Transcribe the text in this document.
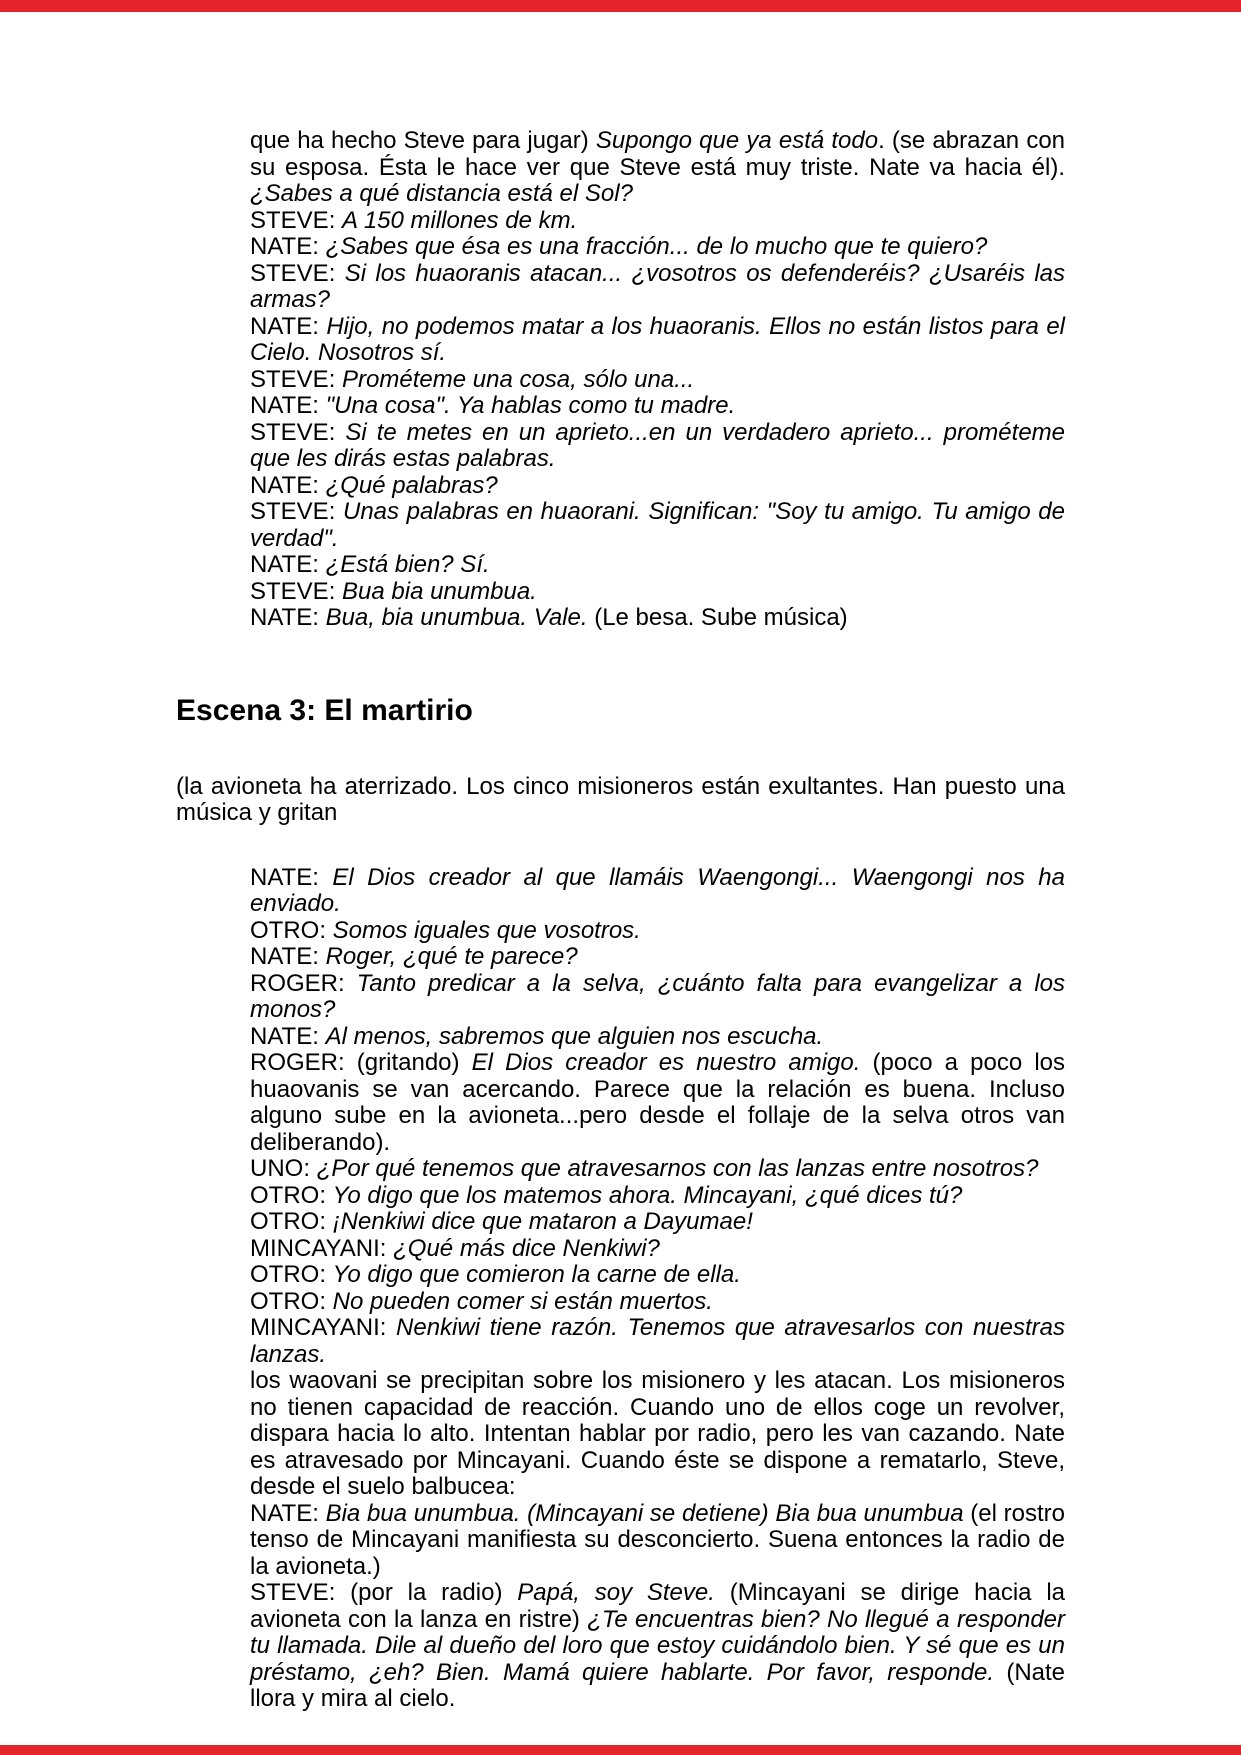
que ha hecho Steve para jugar) Supongo que ya está todo. (se abrazan con su esposa. Ésta le hace ver que Steve está muy triste. Nate va hacia él). ¿Sabes a qué distancia está el Sol?

STEVE: A 150 millones de km.

NATE: ¿Sabes que ésa es una fracción... de lo mucho que te quiero?

STEVE: Si los huaoranis atacan... ¿vosotros os defenderéis? ¿Usaréis las armas?

NATE: Hijo, no podemos matar a los huaoranis. Ellos no están listos para el Cielo. Nosotros sí.

STEVE: Prométeme una cosa, sólo una...

NATE: "Una cosa". Ya hablas como tu madre.

STEVE: Si te metes en un aprieto...en un verdadero aprieto... prométeme que les dirás estas palabras.

NATE: ¿Qué palabras?

STEVE: Unas palabras en huaorani. Significan: "Soy tu amigo. Tu amigo de verdad".

NATE: ¿Está bien? Sí.

STEVE: Bua bia unumbua.

NATE: Bua, bia unumbua. Vale. (Le besa. Sube música)

Escena 3: El martirio

(la avioneta ha aterrizado. Los cinco misioneros están exultantes. Han puesto una música y gritan

NATE: El Dios creador al que llamáis Waengongi... Waengongi nos ha enviado.

OTRO: Somos iguales que vosotros.

NATE: Roger, ¿qué te parece?

ROGER: Tanto predicar a la selva, ¿cuánto falta para evangelizar a los monos?

NATE: Al menos, sabremos que alguien nos escucha.

ROGER: (gritando) El Dios creador es nuestro amigo. (poco a poco los huaovanis se van acercando. Parece que la relación es buena. Incluso alguno sube en la avioneta...pero desde el follaje de la selva otros van deliberando).

UNO: ¿Por qué tenemos que atravesarnos con las lanzas entre nosotros?

OTRO: Yo digo que los matemos ahora. Mincayani, ¿qué dices tú?

OTRO: ¡Nenkiwi dice que mataron a Dayumae!

MINCAYANI: ¿Qué más dice Nenkiwi?

OTRO: Yo digo que comieron la carne de ella.

OTRO: No pueden comer si están muertos.

MINCAYANI: Nenkiwi tiene razón. Tenemos que atravesarlos con nuestras lanzas.

los waovani se precipitan sobre los misionero y les atacan. Los misioneros no tienen capacidad de reacción. Cuando uno de ellos coge un revolver, dispara hacia lo alto. Intentan hablar por radio, pero les van cazando. Nate es atravesado por Mincayani. Cuando éste se dispone a rematarlo, Steve, desde el suelo balbucea:

NATE: Bia bua unumbua. (Mincayani se detiene) Bia bua unumbua (el rostro tenso de Mincayani manifiesta su desconcierto. Suena entonces la radio de la avioneta.)

STEVE: (por la radio) Papá, soy Steve. (Mincayani se dirige hacia la avioneta con la lanza en ristre) ¿Te encuentras bien? No llegué a responder tu llamada. Dile al dueño del loro que estoy cuidándolo bien. Y sé que es un préstamo, ¿eh? Bien. Mamá quiere hablarte. Por favor, responde. (Nate llora y mira al cielo.
